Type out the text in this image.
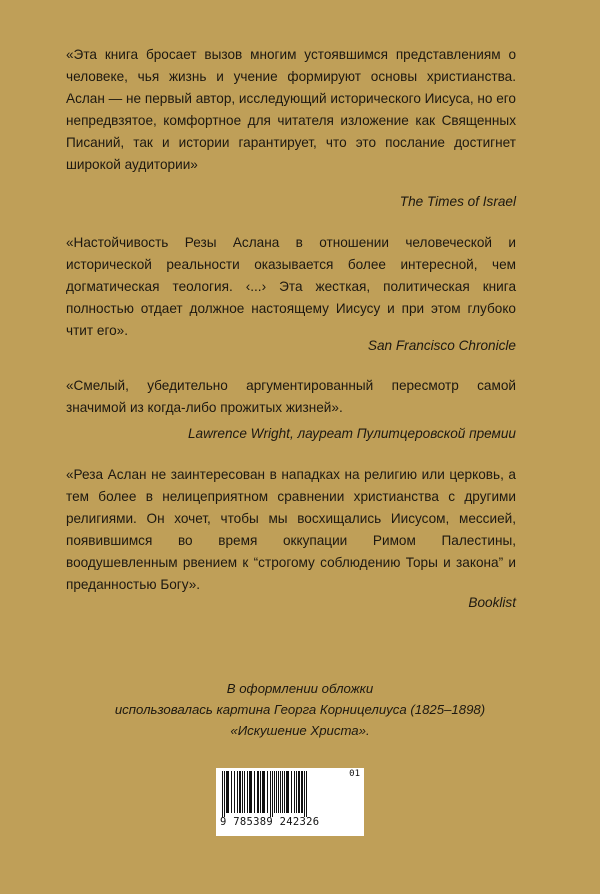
«Эта книга бросает вызов многим устоявшимся представлениям о человеке, чья жизнь и учение формируют основы христианства. Аслан — не первый автор, исследующий исторического Иисуса, но его непредвзятое, комфортное для читателя изложение как Священных Писаний, так и истории гарантирует, что это послание достигнет широкой аудитории»

The Times of Israel

«Настойчивость Резы Аслана в отношении человеческой и исторической реальности оказывается более интересной, чем догматическая теология. ‹...› Эта жесткая, политическая книга полностью отдает должное настоящему Иисусу и при этом глубоко чтит его».

San Francisco Chronicle

«Смелый, убедительно аргументированный пересмотр самой значимой из когда-либо прожитых жизней».

Lawrence Wright, лауреат Пулитцеровской премии

«Реза Аслан не заинтересован в нападках на религию или церковь, а тем более в нелицеприятном сравнении христианства с другими религиями. Он хочет, чтобы мы восхищались Иисусом, мессией, появившимся во время оккупации Римом Палестины, воодушевленным рвением к “строгому соблюдению Торы и закона” и преданностью Богу».

Booklist

В оформлении обложки
использовалась картина Георга Корницелиуса (1825–1898)
«Искушение Христа».
01
9 785389 242326
